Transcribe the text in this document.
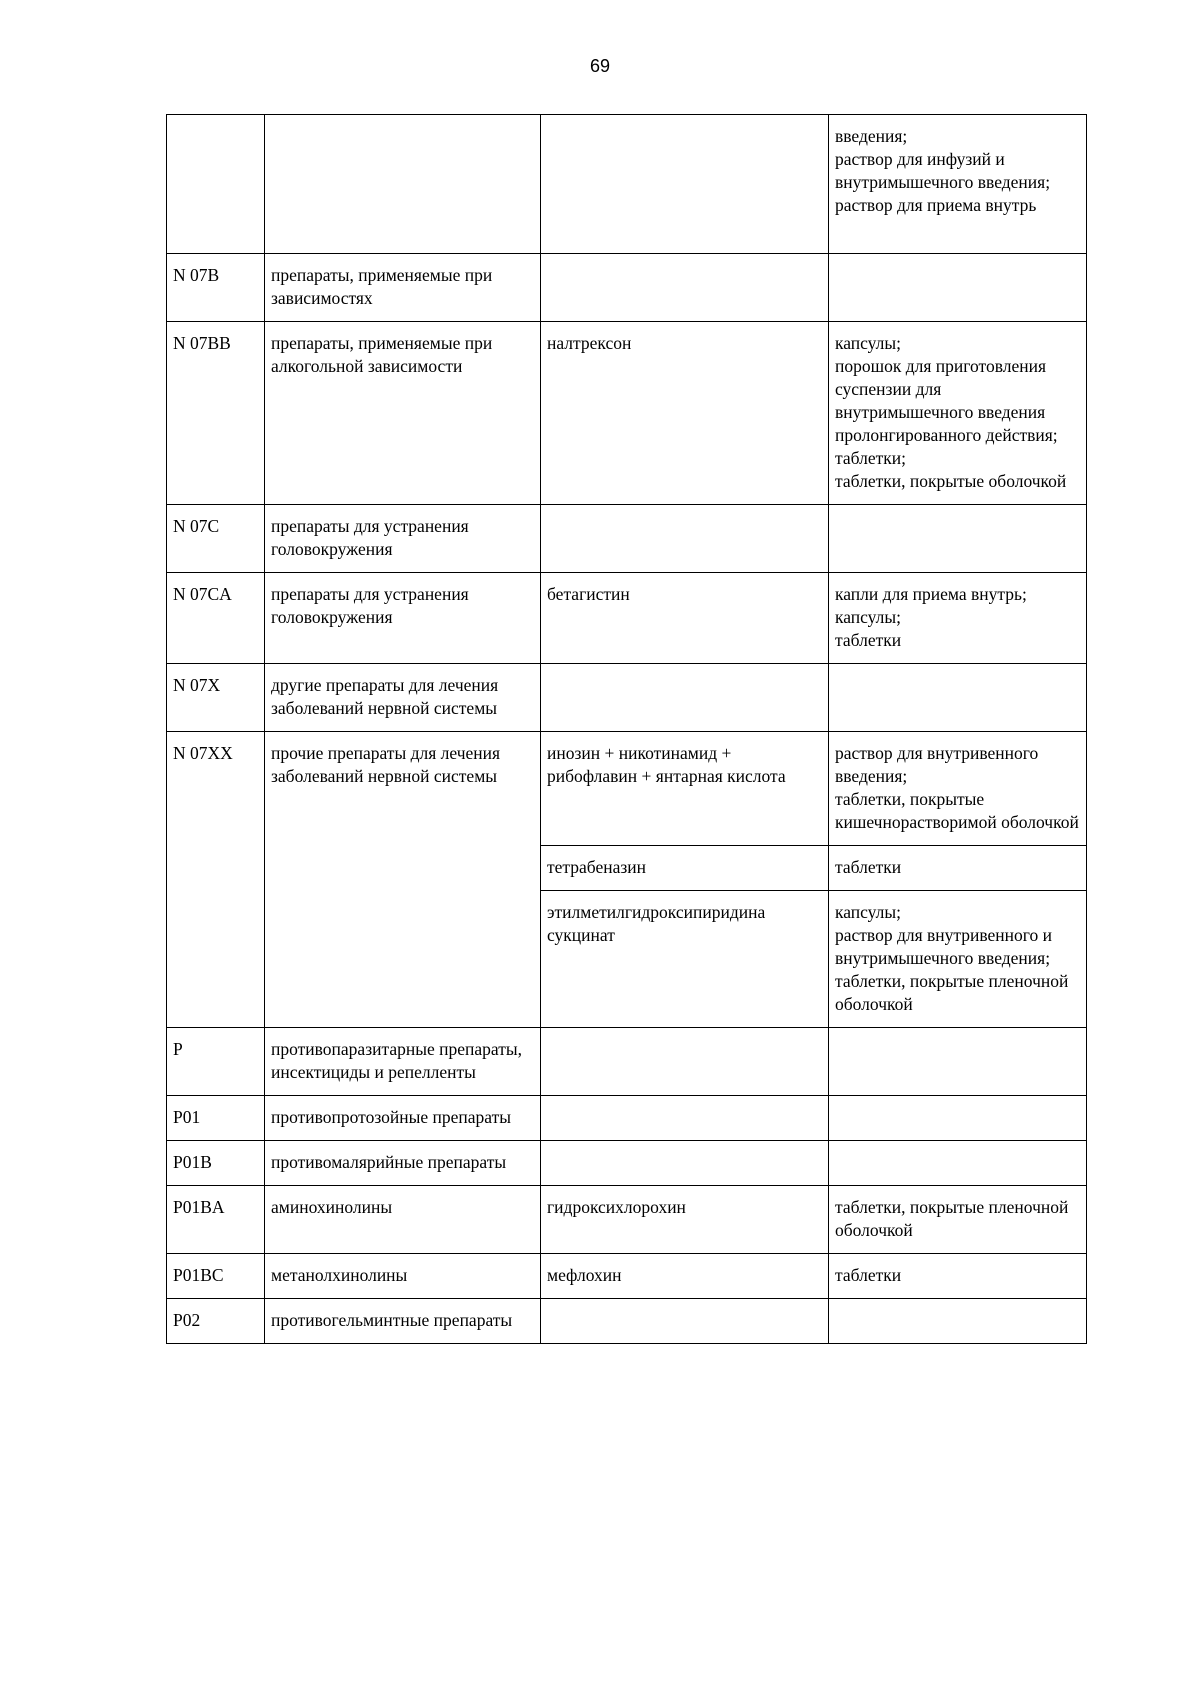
69
			введения;
раствор для инфузий и внутримышечного введения;
раствор для приема внутрь
N 07B	препараты, применяемые при зависимостях		
N 07BB	препараты, применяемые при алкогольной зависимости	налтрексон	капсулы;
порошок для приготовления суспензии для внутримышечного введения пролонгированного действия;
таблетки;
таблетки, покрытые оболочкой
N 07C	препараты для устранения головокружения		
N 07CA	препараты для устранения головокружения	бетагистин	капли для приема внутрь;
капсулы;
таблетки
N 07X	другие препараты для лечения заболеваний нервной системы		
N 07XX	прочие препараты для лечения заболеваний нервной системы	инозин + никотинамид + рибофлавин + янтарная кислота	раствор для внутривенного введения;
таблетки, покрытые кишечнорастворимой оболочкой
		тетрабеназин	таблетки
		этилметилгидроксипиридина сукцинат	капсулы;
раствор для внутривенного и внутримышечного введения;
таблетки, покрытые пленочной оболочкой
P	противопаразитарные препараты, инсектициды и репелленты		
P01	противопротозойные препараты		
P01B	противомалярийные препараты		
P01BA	аминохинолины	гидроксихлорохин	таблетки, покрытые пленочной оболочкой
P01BC	метанолхинолины	мефлохин	таблетки
P02	противогельминтные препараты		
